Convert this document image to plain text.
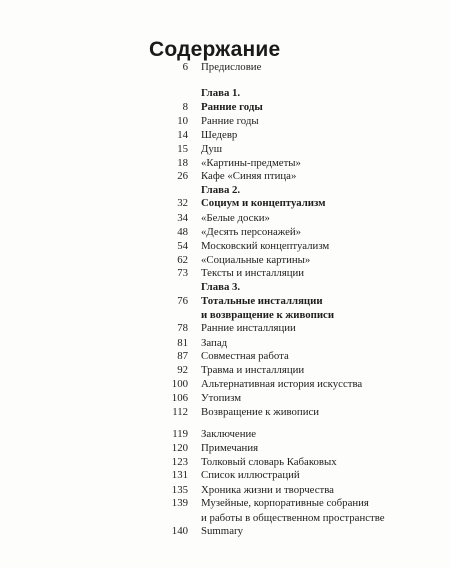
Содержание
6 Предисловие
Глава 1.
8 Ранние годы
10 Ранние годы
14 Шедевр
15 Душ
18 «Картины-предметы»
26 Кафе «Синяя птица»
Глава 2.
32 Социум и концептуализм
34 «Белые доски»
48 «Десять персонажей»
54 Московский концептуализм
62 «Социальные картины»
73 Тексты и инсталляции
Глава 3.
76 Тотальные инсталляции
и возвращение к живописи
78 Ранние инсталляции
81 Запад
87 Совместная работа
92 Травма и инсталляции
100 Альтернативная история искусства
106 Утопизм
112 Возвращение к живописи
119 Заключение
120 Примечания
123 Толковый словарь Кабаковых
131 Список иллюстраций
135 Хроника жизни и творчества
139 Музейные, корпоративные собрания
и работы в общественном пространстве
140 Summary
